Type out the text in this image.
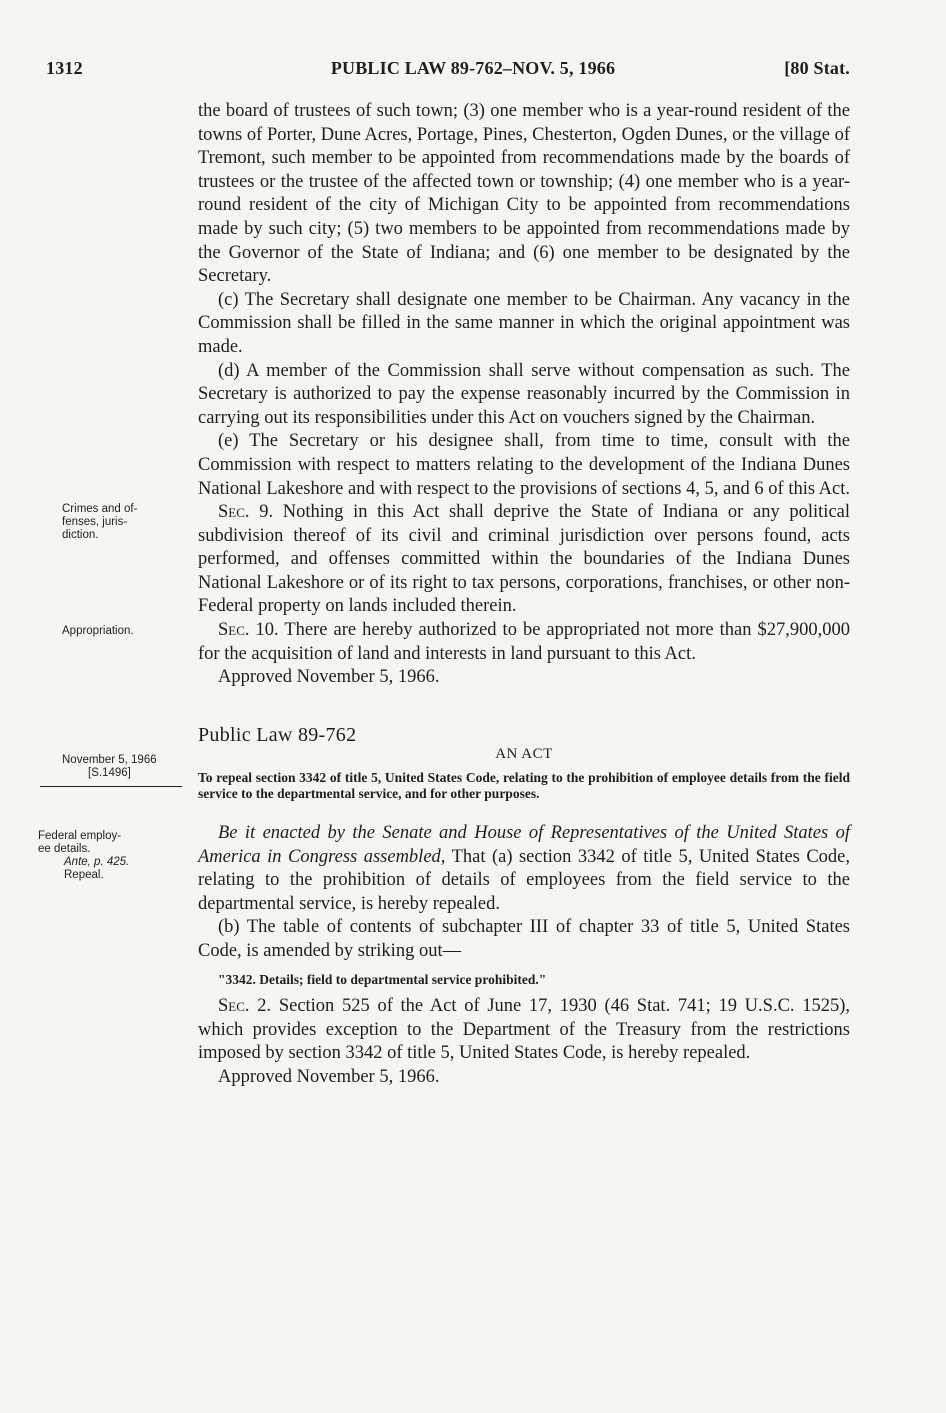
1312	PUBLIC LAW 89-762–NOV. 5, 1966	[80 Stat.

the board of trustees of such town; (3) one member who is a year-round resident of the towns of Porter, Dune Acres, Portage, Pines, Chesterton, Ogden Dunes, or the village of Tremont, such member to be appointed from recommendations made by the boards of trustees or the trustee of the affected town or township; (4) one member who is a year-round resident of the city of Michigan City to be appointed from recommendations made by such city; (5) two members to be appointed from recommendations made by the Governor of the State of Indiana; and (6) one member to be designated by the Secretary.

(c) The Secretary shall designate one member to be Chairman. Any vacancy in the Commission shall be filled in the same manner in which the original appointment was made.

(d) A member of the Commission shall serve without compensation as such. The Secretary is authorized to pay the expense reasonably incurred by the Commission in carrying out its responsibilities under this Act on vouchers signed by the Chairman.

(e) The Secretary or his designee shall, from time to time, consult with the Commission with respect to matters relating to the development of the Indiana Dunes National Lakeshore and with respect to the provisions of sections 4, 5, and 6 of this Act.

Sec. 9. Nothing in this Act shall deprive the State of Indiana or any political subdivision thereof of its civil and criminal jurisdiction over persons found, acts performed, and offenses committed within the boundaries of the Indiana Dunes National Lakeshore or of its right to tax persons, corporations, franchises, or other non-Federal property on lands included therein.

Sec. 10. There are hereby authorized to be appropriated not more than $27,900,000 for the acquisition of land and interests in land pursuant to this Act.

Approved November 5, 1966.

Crimes and of-
fenses, juris-
diction.
Appropriation.
Public Law 89-762
AN ACT
November 5, 1966
[S.1496]	To repeal section 3342 of title 5, United States Code, relating to the prohibition of employee details from the field service to the departmental service, and for other purposes.

Be it enacted by the Senate and House of Representatives of the United States of America in Congress assembled, That (a) section 3342 of title 5, United States Code, relating to the prohibition of details of employees from the field service to the departmental service, is hereby repealed.

(b) The table of contents of subchapter III of chapter 33 of title 5, United States Code, is amended by striking out—

"3342. Details; field to departmental service prohibited."

Sec. 2. Section 525 of the Act of June 17, 1930 (46 Stat. 741; 19 U.S.C. 1525), which provides exception to the Department of the Treasury from the restrictions imposed by section 3342 of title 5, United States Code, is hereby repealed.

Approved November 5, 1966.

Federal employ-
ee details.
Ante, p. 425.
Repeal.
